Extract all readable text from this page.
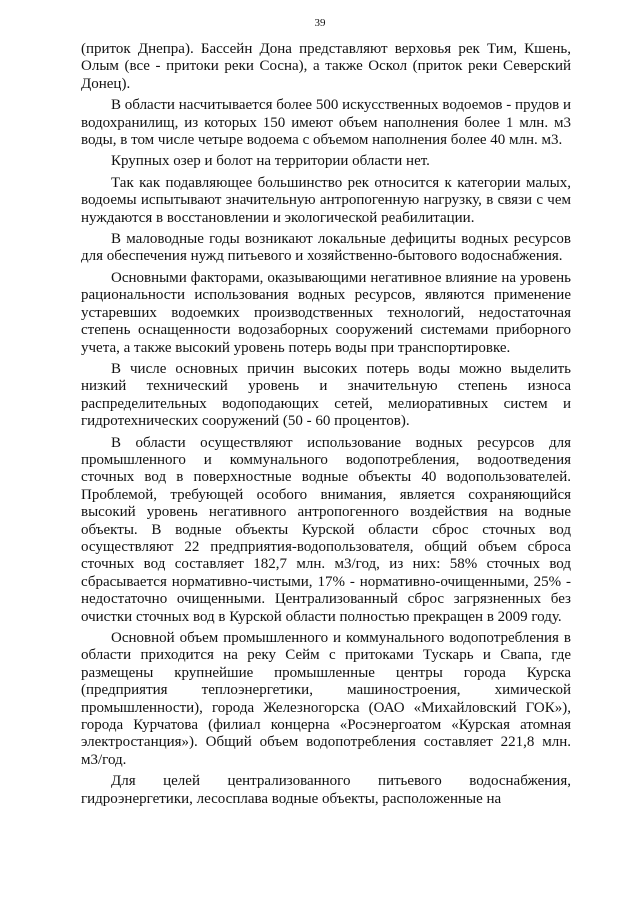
39

(приток Днепра). Бассейн Дона представляют верховья рек Тим, Кшень, Олым (все - притоки реки Сосна), а также Оскол (приток реки Северский Донец).

В области насчитывается более 500 искусственных водоемов - прудов и водохранилищ, из которых 150 имеют объем наполнения более 1 млн. м3 воды, в том числе четыре водоема с объемом наполнения более 40 млн. м3.

Крупных озер и болот на территории области нет.

Так как подавляющее большинство рек относится к категории малых, водоемы испытывают значительную антропогенную нагрузку, в связи с чем нуждаются в восстановлении и экологической реабилитации.

В маловодные годы возникают локальные дефициты водных ресурсов для обеспечения нужд питьевого и хозяйственно-бытового водоснабжения.

Основными факторами, оказывающими негативное влияние на уровень рациональности использования водных ресурсов, являются применение устаревших водоемких производственных технологий, недостаточная степень оснащенности водозаборных сооружений системами приборного учета, а также высокий уровень потерь воды при транспортировке.

В числе основных причин высоких потерь воды можно выделить низкий технический уровень и значительную степень износа распределительных водоподающих сетей, мелиоративных систем и гидротехнических сооружений (50 - 60 процентов).

В области осуществляют использование водных ресурсов для промышленного и коммунального водопотребления, водоотведения сточных вод в поверхностные водные объекты 40 водопользователей. Проблемой, требующей особого внимания, является сохраняющийся высокий уровень негативного антропогенного воздействия на водные объекты. В водные объекты Курской области сброс сточных вод осуществляют 22 предприятия-водопользователя, общий объем сброса сточных вод составляет 182,7 млн. м3/год, из них: 58% сточных вод сбрасывается нормативно-чистыми, 17% - нормативно-очищенными, 25% - недостаточно очищенными. Централизованный сброс загрязненных без очистки сточных вод в Курской области полностью прекращен в 2009 году.

Основной объем промышленного и коммунального водопотребления в области приходится на реку Сейм с притоками Тускарь и Свапа, где размещены крупнейшие промышленные центры города Курска (предприятия теплоэнергетики, машиностроения, химической промышленности), города Железногорска (ОАО «Михайловский ГОК»), города Курчатова (филиал концерна «Росэнергоатом «Курская атомная электростанция»). Общий объем водопотребления составляет 221,8 млн. м3/год.

Для целей централизованного питьевого водоснабжения, гидроэнергетики, лесосплава водные объекты, расположенные на
